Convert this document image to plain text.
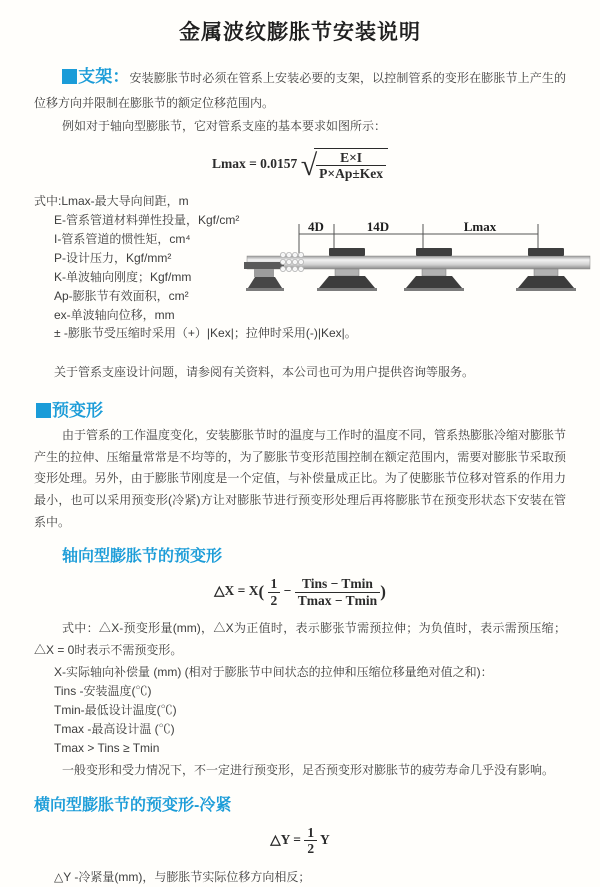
金属波纹膨胀节安装说明

支架：安装膨胀节时必须在管系上安装必要的支架，以控制管系的变形在膨胀节上产生的位移方向并限制在膨胀节的额定位移范围内。

例如对于轴向型膨胀节，它对管系支座的基本要求如图所示：

Lmax = 0.0157 √ $\frac{E\times I}{\text{P×Ap±Kex}}$
式中:Lmax-最大导向间距，m
E-管系管道材料弹性投量，Kgf/cm²
I-管系管道的惯性矩，cm⁴
P-设计压力，Kgf/mm²
K-单波轴向刚度；Kgf/mm
Ap-膨胀节有效面积，cm²
ex-单波轴向位移，mm
± -膨胀节受压缩时采用（+）|Kex|；拉伸时采用(-)|Kex|。
4D	14D	Lmax

关于管系支座设计问题，请参阅有关资料，本公司也可为用户提供咨询等服务。

预变形

由于管系的工作温度变化，安装膨胀节时的温度与工作时的温度不同，管系热膨胀冷缩对膨胀节产生的拉伸、压缩量常常是不均等的，为了膨胀节变形范围控制在额定范围内，需要对膨胀节采取预变形处理。另外，由于膨胀节刚度是一个定值，与补偿量成正比。为了使膨胀节位移对管系的作用力最小，也可以采用预变形(冷紧)方让对膨胀节进行预变形处理后再将膨胀节在预变形状态下安装在管系中。

轴向型膨胀节的预变形
△X = $X( \frac{1}{2} - \frac{\text{Tins − Tmin}}{Tmax - Tmin}$ )

式中：△X-预变形量(mm)，△X为正值时，表示膨张节需预拉伸；为负值时，表示需预压缩；△X = 0时表示不需预变形。

X-实际轴向补偿量 (mm) (相对于膨胀节中间状态的拉伸和压缩位移量绝对值之和)：
Tins -安装温度(℃)
Tmin-最低设计温度(℃)
Tmax -最高设计温 (℃)
Tmax > Tins ≥ Tmin

一般变形和受力情况下，不一定进行预变形，足否预变形对膨胀节的疲劳寿命几乎没有影响。

横向型膨胀节的预变形-冷紧
△Y = $\frac{1}{2}$ Y
△Y -冷紧量(mm)，与膨胀节实际位移方向相反；
